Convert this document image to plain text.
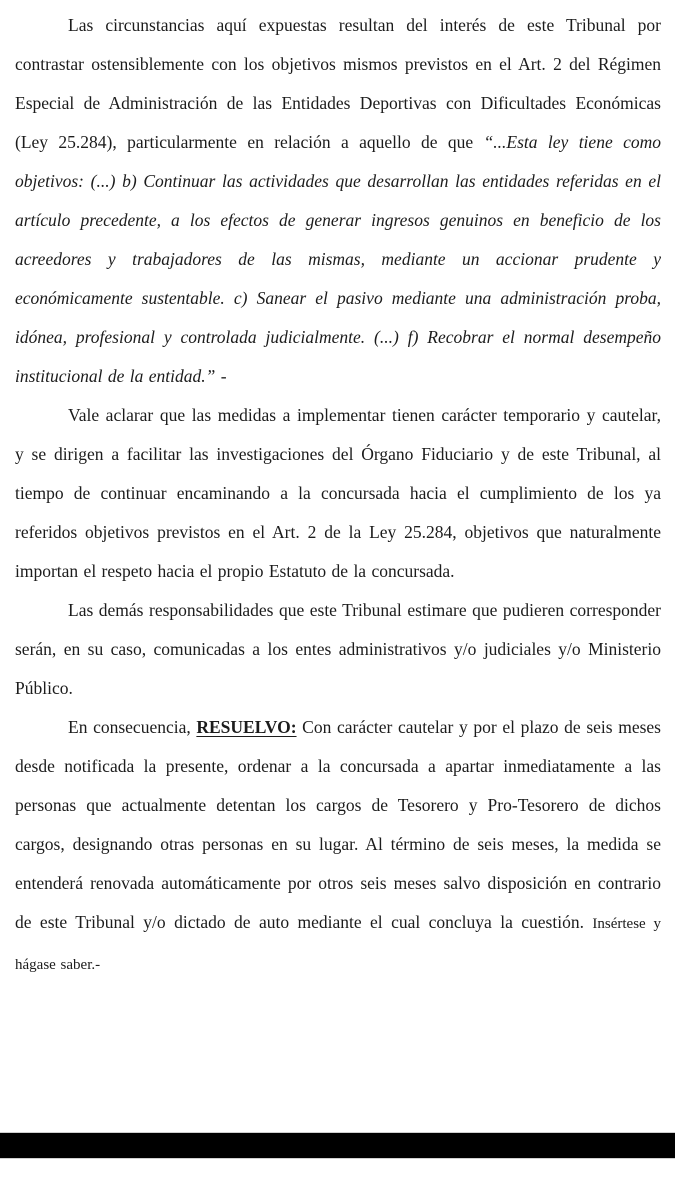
Las circunstancias aquí expuestas resultan del interés de este Tribunal por contrastar ostensiblemente con los objetivos mismos previstos en el Art. 2 del Régimen Especial de Administración de las Entidades Deportivas con Dificultades Económicas (Ley 25.284), particularmente en relación a aquello de que “...Esta ley tiene como objetivos: (...) b) Continuar las actividades que desarrollan las entidades referidas en el artículo precedente, a los efectos de generar ingresos genuinos en beneficio de los acreedores y trabajadores de las mismas, mediante un accionar prudente y económicamente sustentable. c) Sanear el pasivo mediante una administración proba, idónea, profesional y controlada judicialmente. (...) f) Recobrar el normal desempeño institucional de la entidad.” -

Vale aclarar que las medidas a implementar tienen carácter temporario y cautelar, y se dirigen a facilitar las investigaciones del Órgano Fiduciario y de este Tribunal, al tiempo de continuar encaminando a la concursada hacia el cumplimiento de los ya referidos objetivos previstos en el Art. 2 de la Ley 25.284, objetivos que naturalmente importan el respeto hacia el propio Estatuto de la concursada.

Las demás responsabilidades que este Tribunal estimare que pudieren corresponder serán, en su caso, comunicadas a los entes administrativos y/o judiciales y/o Ministerio Público.

En consecuencia, RESUELVO: Con carácter cautelar y por el plazo de seis meses desde notificada la presente, ordenar a la concursada a apartar inmediatamente a las personas que actualmente detentan los cargos de Tesorero y Pro-Tesorero de dichos cargos, designando otras personas en su lugar. Al término de seis meses, la medida se entenderá renovada automáticamente por otros seis meses salvo disposición en contrario de este Tribunal y/o dictado de auto mediante el cual concluya la cuestión. Insértese y hágase saber.-
